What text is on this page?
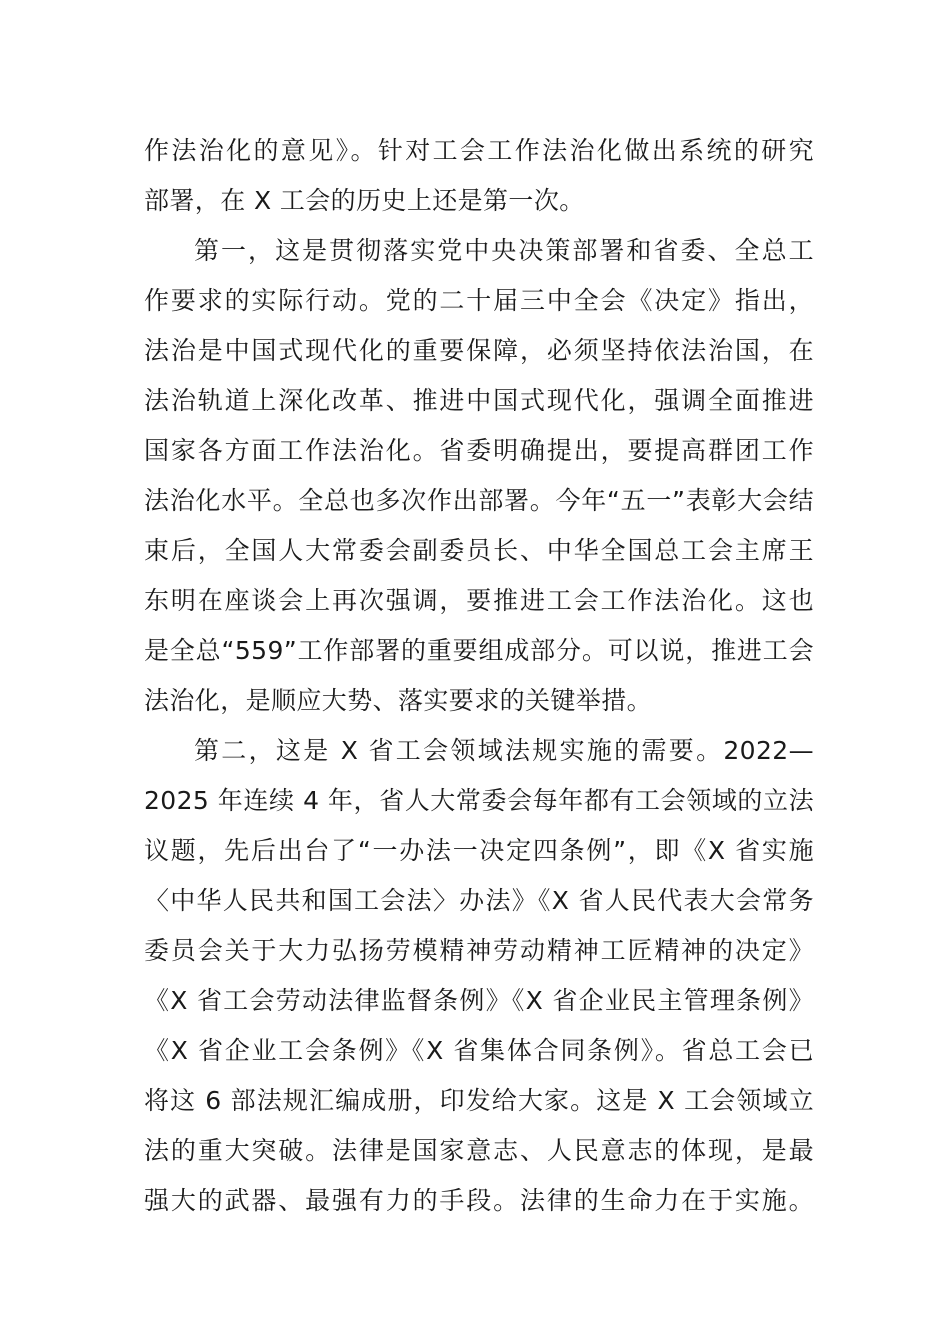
作法治化的意见》。针对工会工作法治化做出系统的研究
部署，在 X 工会的历史上还是第一次。
第一，这是贯彻落实党中央决策部署和省委、全总工
作要求的实际行动。党的二十届三中全会《决定》指出，
法治是中国式现代化的重要保障，必须坚持依法治国，在
法治轨道上深化改革、推进中国式现代化，强调全面推进
国家各方面工作法治化。省委明确提出，要提高群团工作
法治化水平。全总也多次作出部署。今年“五一”表彰大会结
束后，全国人大常委会副委员长、中华全国总工会主席王
东明在座谈会上再次强调，要推进工会工作法治化。这也
是全总“559”工作部署的重要组成部分。可以说，推进工会
法治化，是顺应大势、落实要求的关键举措。
第二，这是 X 省工会领域法规实施的需要。2022—
2025 年连续 4 年，省人大常委会每年都有工会领域的立法
议题，先后出台了“一办法一决定四条例”，即《X 省实施
〈中华人民共和国工会法〉办法》《X 省人民代表大会常务
委员会关于大力弘扬劳模精神劳动精神工匠精神的决定》
《X 省工会劳动法律监督条例》《X 省企业民主管理条例》
《X 省企业工会条例》《X 省集体合同条例》。省总工会已
将这 6 部法规汇编成册，印发给大家。这是 X 工会领域立
法的重大突破。法律是国家意志、人民意志的体现，是最
强大的武器、最强有力的手段。法律的生命力在于实施。
